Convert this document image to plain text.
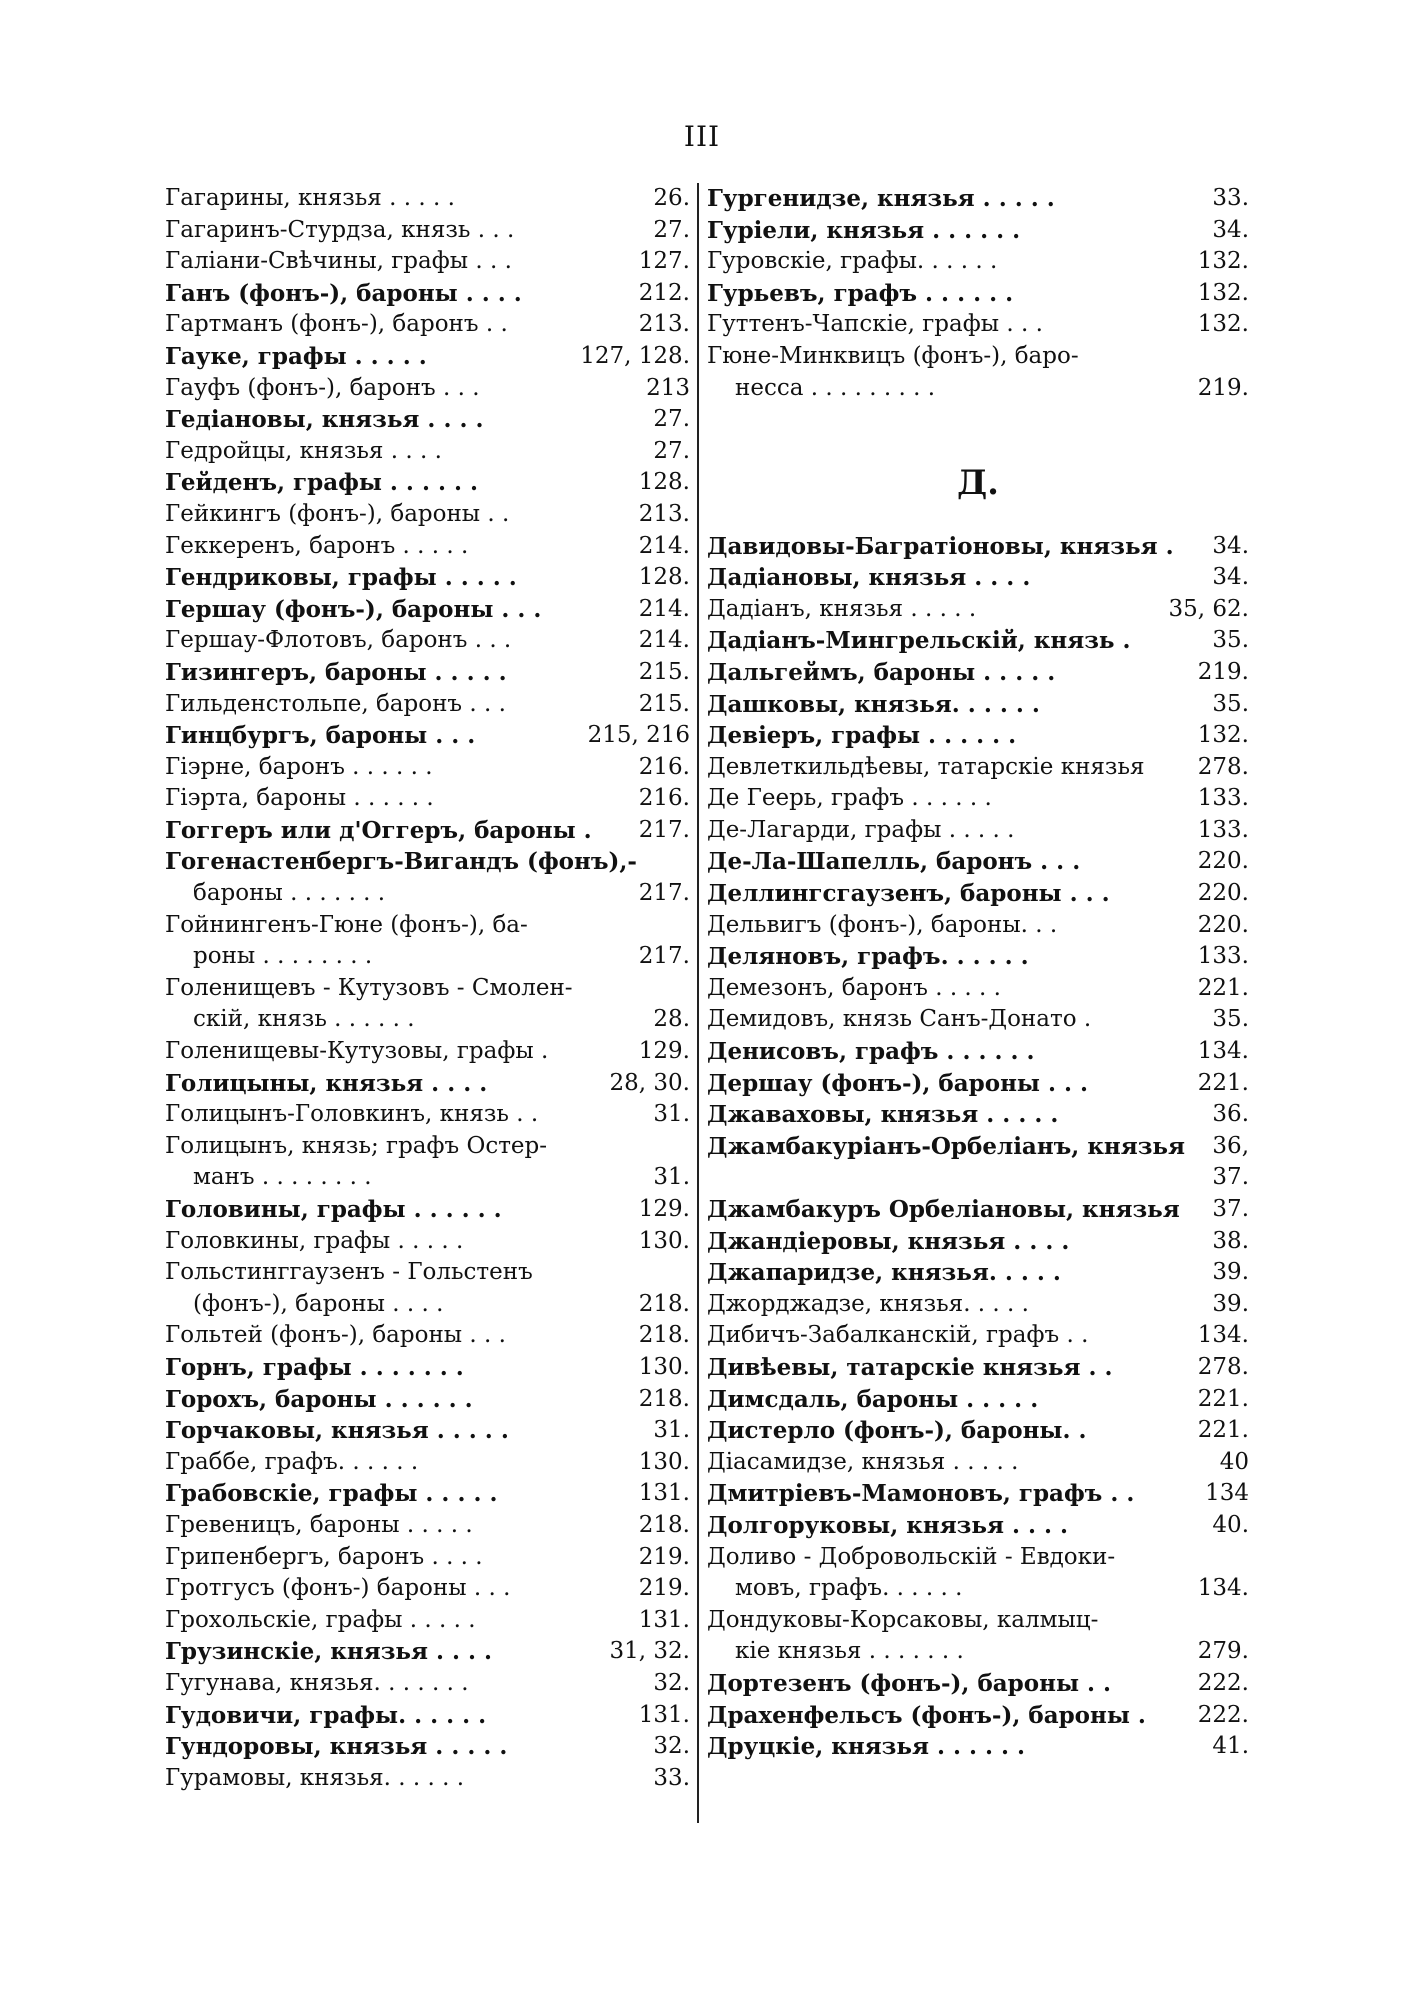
III
Гагарины, князья . . . . .	26.
Гагаринъ-Стурдза, князь . . .	27.
Галіани-Свѣчины, графы . . .	127.
Ганъ (фонъ-), бароны . . . .	212.
Гартманъ (фонъ-), баронъ . .	213.
Гауке, графы . . . . .	127, 128.
Гауфъ (фонъ-), баронъ . . .	213
Гедіановы, князья . . . .	27.
Гедройцы, князья . . . .	27.
Гейденъ, графы . . . . . .	128.
Гейкингъ (фонъ-), бароны . .	213.
Геккеренъ, баронъ . . . . .	214.
Гендриковы, графы . . . . .	128.
Гершау (фонъ-), бароны . . .	214.
Гершау-Флотовъ, баронъ . . .	214.
Гизингеръ, бароны . . . . .	215.
Гильденстольпе, баронъ . . .	215.
Гинцбургъ, бароны . . .	215, 216
Гіэрне, баронъ . . . . . .	216.
Гіэрта, бароны . . . . . .	216.
Гоггеръ или д'Оггеръ, бароны . 217.
Гогенастенбергъ-Вигандъ (фонъ),-
бароны . . . . . . .	217.
Гойнингенъ-Гюне (фонъ-), ба-
роны . . . . . . . .	217.
Голенищевъ - Кутузовъ - Смолен-
скій, князь . . . . . .	28.
Голенищевы-Кутузовы, графы .	129.
Голицыны, князья . . . .	28, 30.
Голицынъ-Головкинъ, князь . .	31.
Голицынъ, князь; графъ Остер-
манъ . . . . . . . .	31.
Головины, графы . . . . . .	129.
Головкины, графы . . . . .	130.
Гольстинггаузенъ - Гольстенъ
(фонъ-), бароны . . . .	218.
Гольтей (фонъ-), бароны . . .	218.
Горнъ, графы . . . . . . .	130.
Горохъ, бароны . . . . . .	218.
Горчаковы, князья . . . . .	31.
Граббе, графъ. . . . . .	130.
Грабовскіе, графы . . . . .	131.
Гревеницъ, бароны . . . . .	218.
Грипенбергъ, баронъ . . . .	219.
Гротгусъ (фонъ-) бароны . . .	219.
Грохольскіе, графы . . . . .	131.
Грузинскіе, князья . . . .	31, 32.
Гугунава, князья. . . . . . .	32.
Гудовичи, графы. . . . . .	131.
Гундоровы, князья . . . . .	32.
Гурамовы, князья. . . . . .	33.
Гургенидзе, князья . . . . .	33.
Гуріели, князья . . . . . .	34.
Гуровскіе, графы. . . . . .	132.
Гурьевъ, графъ . . . . . .	132.
Гуттенъ-Чапскіе, графы . . .	132.
Гюне-Минквицъ (фонъ-), баро-
несса . . . . . . . . .	219.
Д.
Давидовы-Багратіоновы, князья . 34.
Дадіановы, князья . . . .	34.
Дадіанъ, князья . . . . .	35, 62.
Дадіанъ-Мингрельскій, князь .	35.
Дальгеймъ, бароны . . . . .	219.
Дашковы, князья. . . . . .	35.
Девіеръ, графы . . . . . .	132.
Девлеткильдѣевы, татарскіе князья 278.
Де Геерь, графъ . . . . . .	133.
Де-Лагарди, графы . . . . .	133.
Де-Ла-Шапелль, баронъ . . .	220.
Деллингсгаузенъ, бароны . . .	220.
Дельвигъ (фонъ-), бароны. . .	220.
Деляновъ, графъ. . . . . .	133.
Демезонъ, баронъ . . . . .	221.
Демидовъ, князь Санъ-Донато .	35.
Денисовъ, графъ . . . . . .	134.
Дершау (фонъ-), бароны . . .	221.
Джаваховы, князья . . . . .	36.
Джамбакуріанъ-Орбеліанъ, князья 36,
37.
Джамбакуръ Орбеліановы, князья 37.
Джандіеровы, князья . . . .	38.
Джапаридзе, князья. . . . .	39.
Джорджадзе, князья. . . . .	39.
Дибичъ-Забалканскій, графъ . .	134.
Дивѣевы, татарскіе князья . .	278.
Димсдаль, бароны . . . . .	221.
Дистерло (фонъ-), бароны. .	221.
Діасамидзе, князья . . . . .	40
Дмитріевъ-Мамоновъ, графъ . .	134
Долгоруковы, князья . . . .	40.
Доливо - Добровольскій - Евдоки-
мовъ, графъ. . . . . .	134.
Дондуковы-Корсаковы, калмыц-
кіе князья . . . . . . .	279.
Дортезенъ (фонъ-), бароны . .	222.
Драхенфельсъ (фонъ-), бароны . 222.
Друцкіе, князья . . . . . .	41.
